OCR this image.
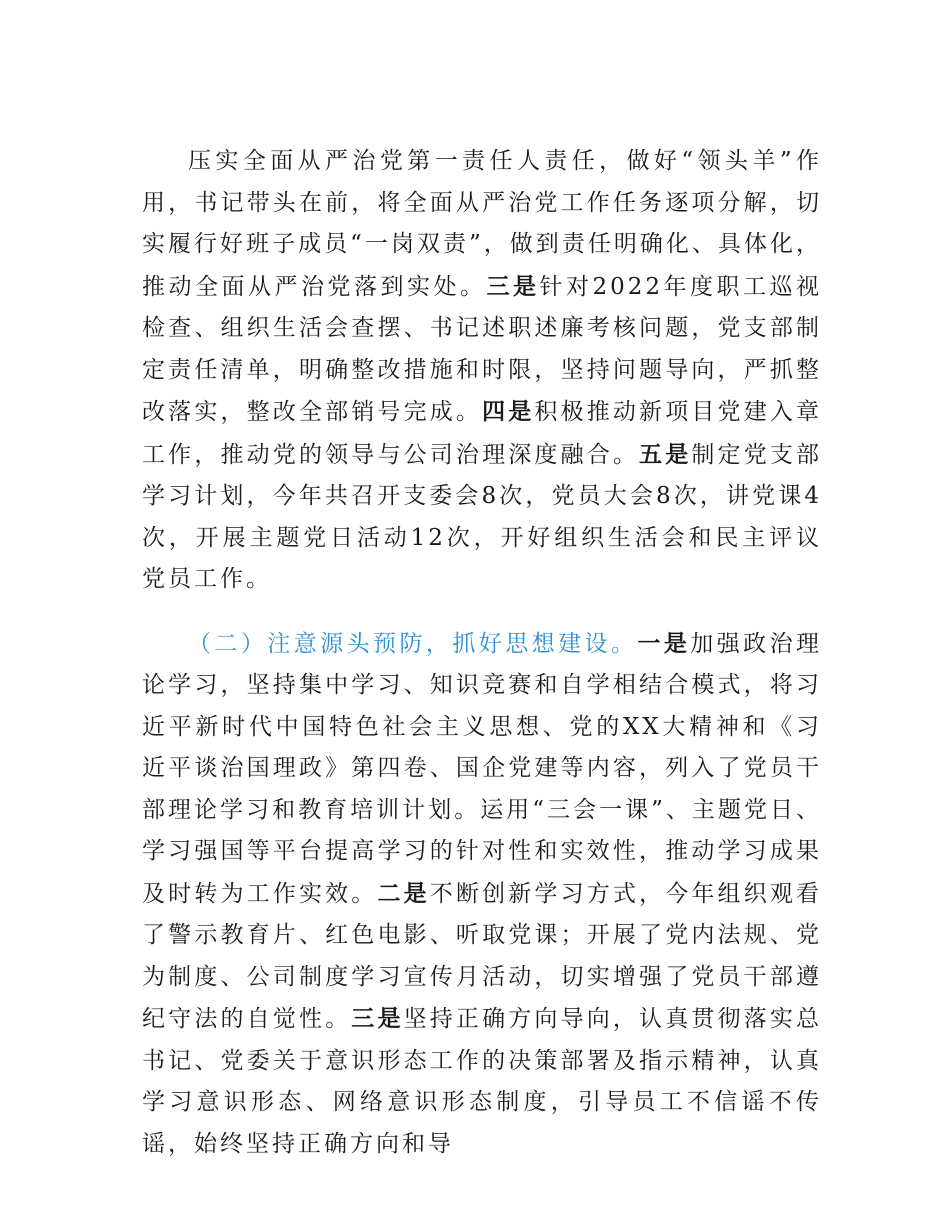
压实全面从严治党第一责任人责任，做好“领头羊”作用，书记带头在前，将全面从严治党工作任务逐项分解，切实履行好班子成员“一岗双责”，做到责任明确化、具体化，推动全面从严治党落到实处。三是针对2022年度职工巡视检查、组织生活会查摆、书记述职述廉考核问题，党支部制定责任清单，明确整改措施和时限，坚持问题导向，严抓整改落实，整改全部销号完成。四是积极推动新项目党建入章工作，推动党的领导与公司治理深度融合。五是制定党支部学习计划，今年共召开支委会8次，党员大会8次，讲党课4次，开展主题党日活动12次，开好组织生活会和民主评议党员工作。

（二）注意源头预防，抓好思想建设。一是加强政治理论学习，坚持集中学习、知识竞赛和自学相结合模式，将习近平新时代中国特色社会主义思想、党的XX大精神和《习近平谈治国理政》第四卷、国企党建等内容，列入了党员干部理论学习和教育培训计划。运用“三会一课”、主题党日、学习强国等平台提高学习的针对性和实效性，推动学习成果及时转为工作实效。二是不断创新学习方式，今年组织观看了警示教育片、红色电影、听取党课；开展了党内法规、党为制度、公司制度学习宣传月活动，切实增强了党员干部遵纪守法的自觉性。三是坚持正确方向导向，认真贯彻落实总书记、党委关于意识形态工作的决策部署及指示精神，认真学习意识形态、网络意识形态制度，引导员工不信谣不传谣，始终坚持正确方向和导
